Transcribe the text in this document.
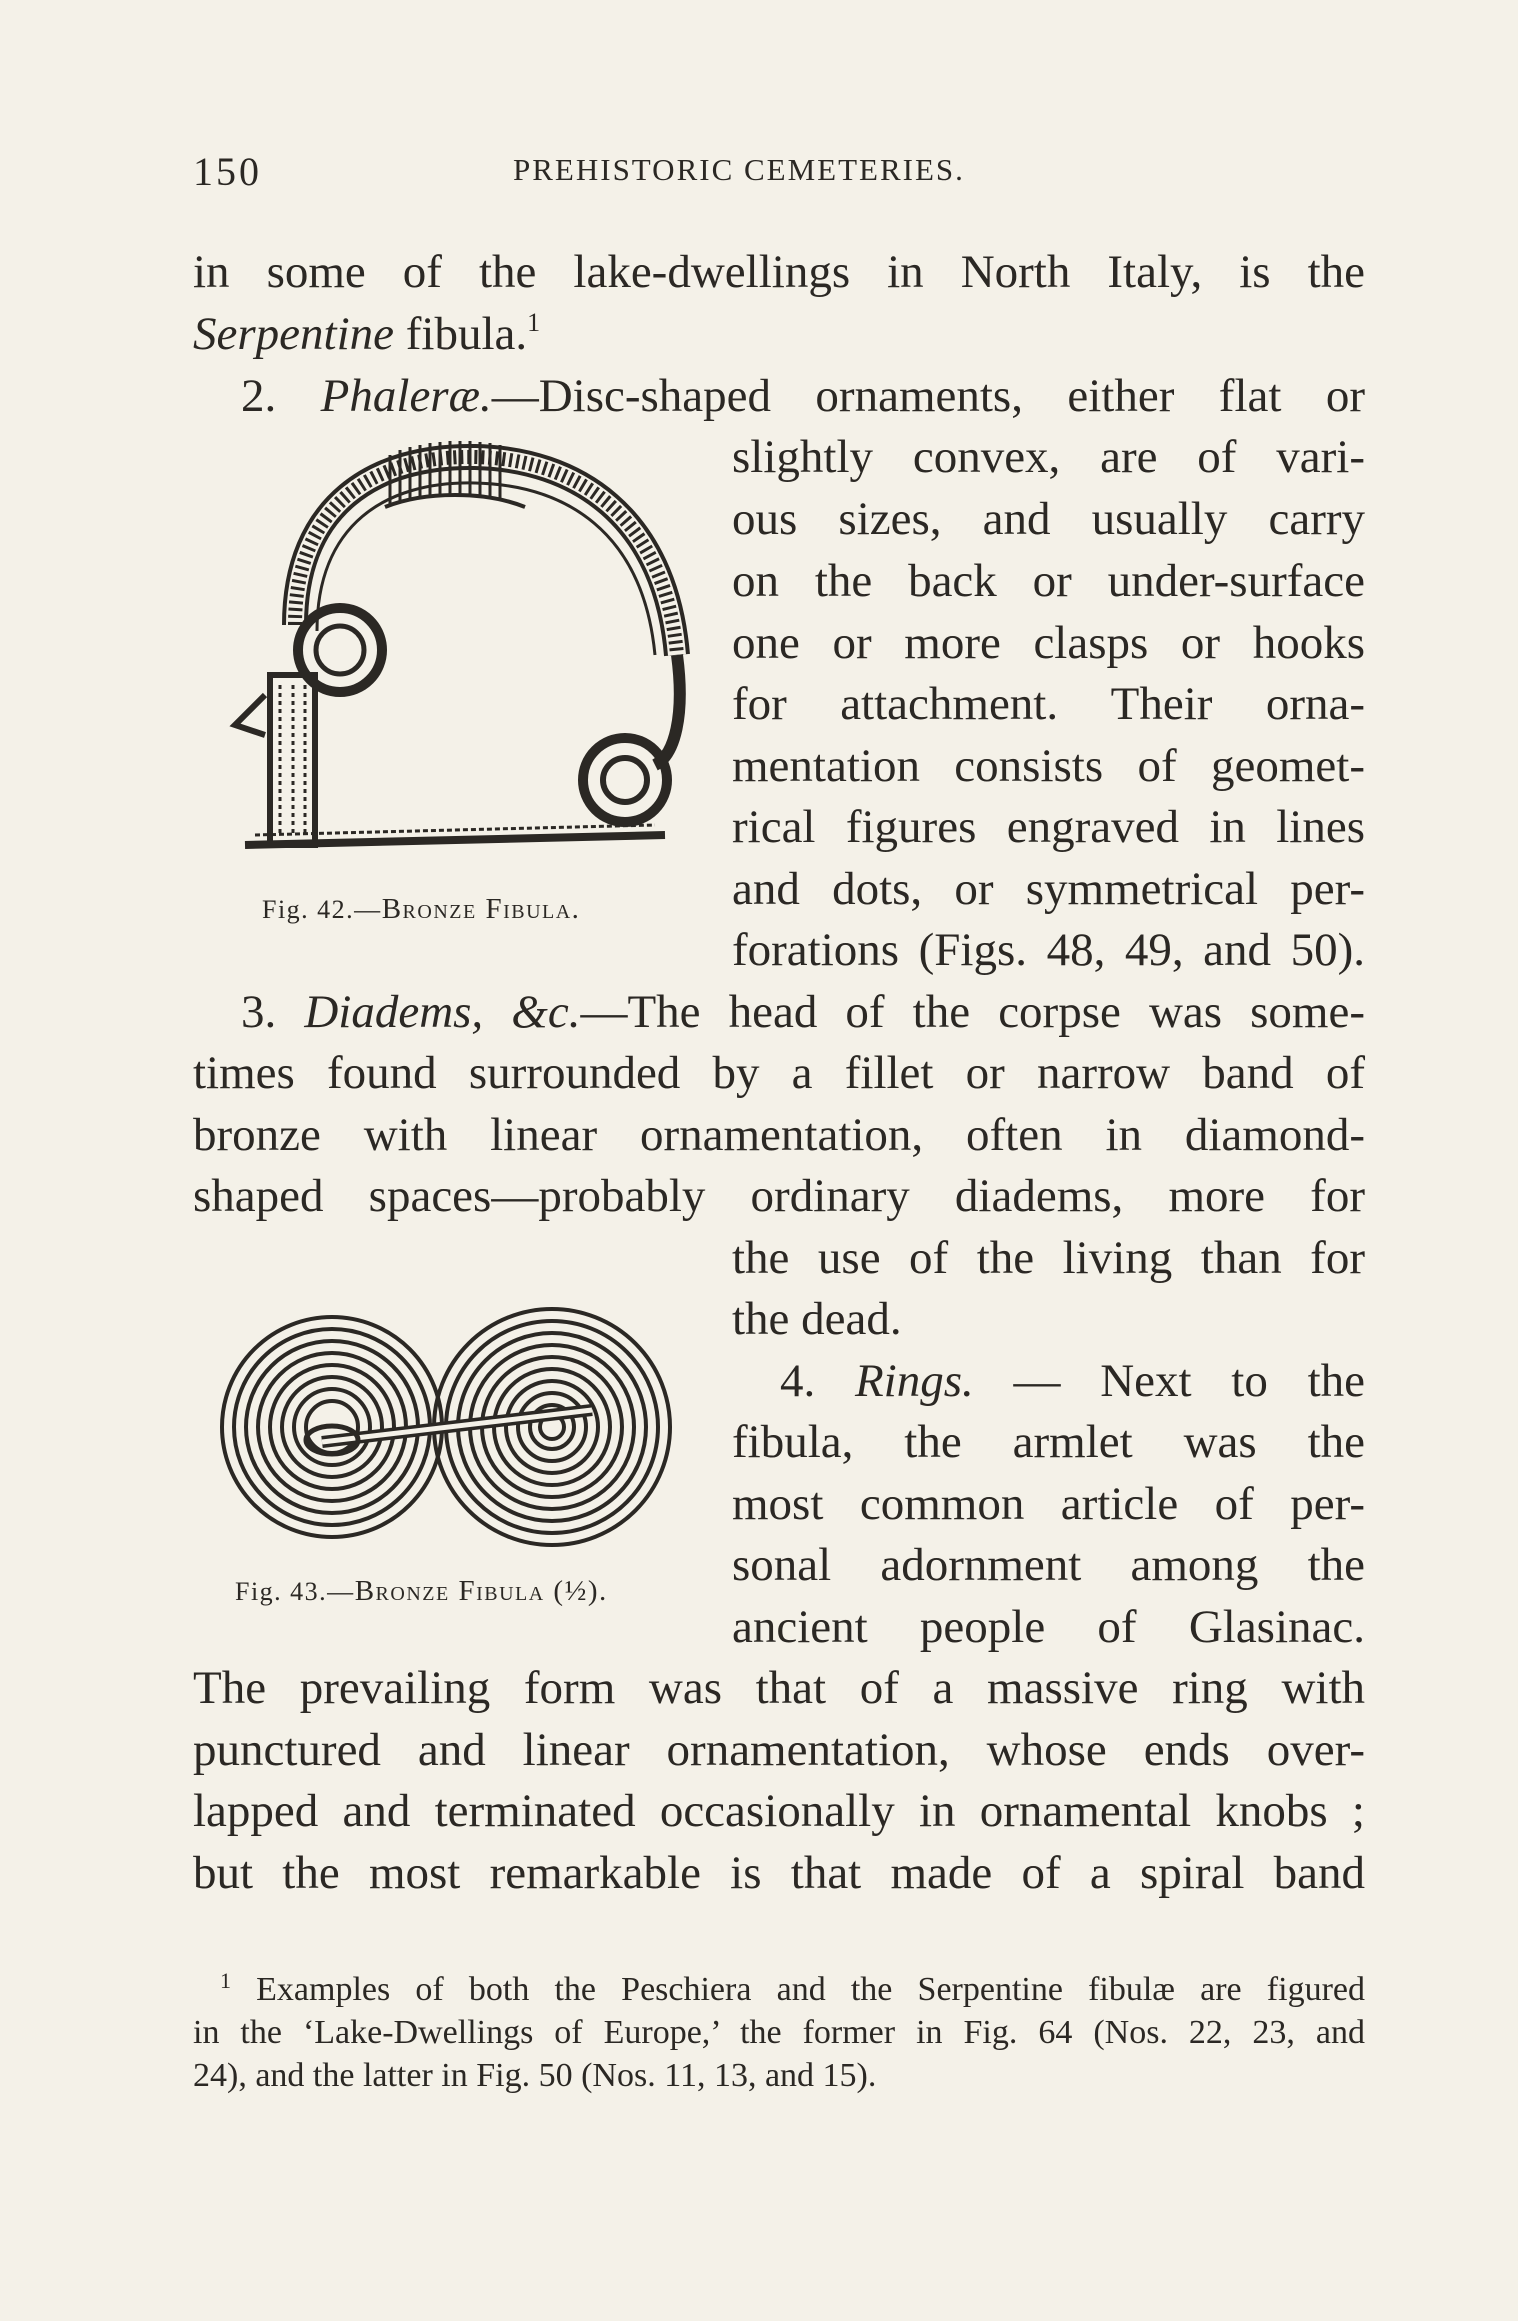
150	PREHISTORIC CEMETERIES.
in some of the lake-dwellings in North Italy, is the
Serpentine fibula.$^1$
2. Phaleræ.—Disc-shaped ornaments, either flat or
slightly convex, are of vari-
ous sizes, and usually carry
on the back or under-surface
one or more clasps or hooks
for attachment. Their orna-
mentation consists of geomet-
rical figures engraved in lines
and dots, or symmetrical per-
forations (Figs. 48, 49, and 50).
3. Diadems, &c.—The head of the corpse was some-
times found surrounded by a fillet or narrow band of
bronze with linear ornamentation, often in diamond-
shaped spaces—probably ordinary diadems, more for
the use of the living than for
the dead.
4. Rings. — Next to the
fibula, the armlet was the
most common article of per-
sonal adornment among the
ancient people of Glasinac.
The prevailing form was that of a massive ring with
punctured and linear ornamentation, whose ends over-
lapped and terminated occasionally in ornamental knobs ;
but the most remarkable is that made of a spiral band
Fig. 42.—Bronze Fibula.
Fig. 43.—Bronze Fibula (½).
$^1$ Examples of both the Peschiera and the Serpentine fibulæ are figured
in the ‘Lake-Dwellings of Europe,’ the former in Fig. 64 (Nos. 22, 23, and
24), and the latter in Fig. 50 (Nos. 11, 13, and 15).
